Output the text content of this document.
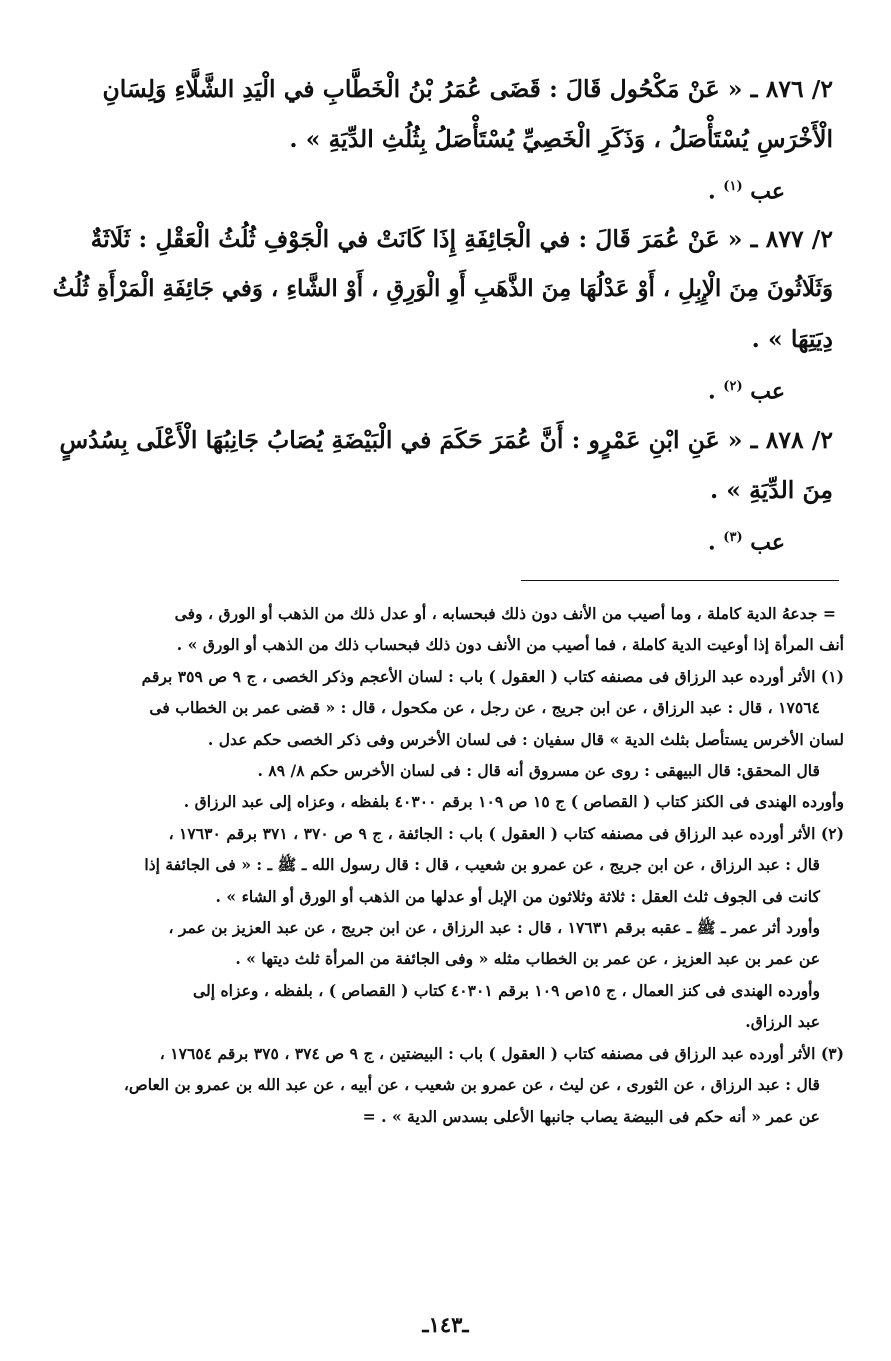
٢/ ٨٧٦ ـ « عَنْ مَكْحُول قَالَ : قَضَى عُمَرُ بْنُ الْخَطَّابِ في الْيَدِ الشَّلَّاءِ وَلِسَانِ
الْأَخْرَسِ يُسْتَأْصَلُ ، وَذَكَرِ الْخَصِيِّ يُسْتَأْصَلُ بِثُلُثِ الدِّيَةِ » .
عب $^{(١)}$ .
٢/ ٨٧٧ ـ « عَنْ عُمَرَ قَالَ : في الْجَائِفَةِ إِذَا كَانَتْ في الْجَوْفِ ثُلُثُ الْعَقْلِ : ثَلَاثَةٌ
وَثَلَاثُونَ مِنَ الْإِبِلِ ، أَوْ عَدْلُهَا مِنَ الذَّهَبِ أَوِ الْوَرِقِ ، أَوْ الشَّاءِ ، وَفي جَائِفَةِ الْمَرْأَةِ ثُلُثُ
دِيَتِهَا » .
عب $^{(٢)}$ .
٢/ ٨٧٨ ـ « عَنِ ابْنِ عَمْرٍو : أَنَّ عُمَرَ حَكَمَ في الْبَيْضَةِ يُصَابُ جَانِبُهَا الْأَعْلَى بِسُدُسٍ
مِنَ الدِّيَةِ » .
عب $^{(٣)}$ .
= جدعهُ الدية كاملة ، وما أصيب من الأنف دون ذلك فبحسابه ، أو عدل ذلك من الذهب أو الورق ، وفى
أنف المرأة إذا أوعيت الدية كاملة ، فما أصيب من الأنف دون ذلك فبحساب ذلك من الذهب أو الورق » .
(١) الأثر أورده عبد الرزاق فى مصنفه كتاب ( العقول ) باب : لسان الأعجم وذكر الخصى ، ج ٩ ص ٣٥٩ برقم
١٧٥٦٤ ، قال : عبد الرزاق ، عن ابن جريج ، عن رجل ، عن مكحول ، قال : « قضى عمر بن الخطاب فى
لسان الأخرس يستأصل بثلث الدية » قال سفيان : فى لسان الأخرس وفى ذكر الخصى حكم عدل .
قال المحقق: قال البيهقى : روى عن مسروق أنه قال : فى لسان الأخرس حكم ٨/ ٨٩ .
وأورده الهندى فى الكنز كتاب ( القصاص ) ج ١٥ ص ١٠٩ برقم ٤٠٣٠٠ بلفظه ، وعزاه إلى عبد الرزاق .
(٢) الأثر أورده عبد الرزاق فى مصنفه كتاب ( العقول ) باب : الجائفة ، ج ٩ ص ٣٧٠ ، ٣٧١ برقم ١٧٦٣٠ ،
قال : عبد الرزاق ، عن ابن جريج ، عن عمرو بن شعيب ، قال : قال رسول الله ـ ﷺ ـ : « فى الجائفة إذا
كانت فى الجوف ثلث العقل : ثلاثة وثلاثون من الإبل أو عدلها من الذهب أو الورق أو الشاء » .
وأورد أثر عمر ـ ﷺ ـ عقبه برقم ١٧٦٣١ ، قال : عبد الرزاق ، عن ابن جريج ، عن عبد العزيز بن عمر ،
عن عمر بن عبد العزيز ، عن عمر بن الخطاب مثله « وفى الجائفة من المرأة ثلث ديتها » .
وأورده الهندى فى كنز العمال ، ج ١٥ص ١٠٩ برقم ٤٠٣٠١ كتاب ( القصاص ) ، بلفظه ، وعزاه إلى
عبد الرزاق.
(٣) الأثر أورده عبد الرزاق فى مصنفه كتاب ( العقول ) باب : البيضتين ، ج ٩ ص ٣٧٤ ، ٣٧٥ برقم ١٧٦٥٤ ،
قال : عبد الرزاق ، عن الثورى ، عن ليث ، عن عمرو بن شعيب ، عن أبيه ، عن عبد الله بن عمرو بن العاص،
عن عمر « أنه حكم فى البيضة يصاب جانبها الأعلى بسدس الدية » . =
ـ١٤٣ـ
